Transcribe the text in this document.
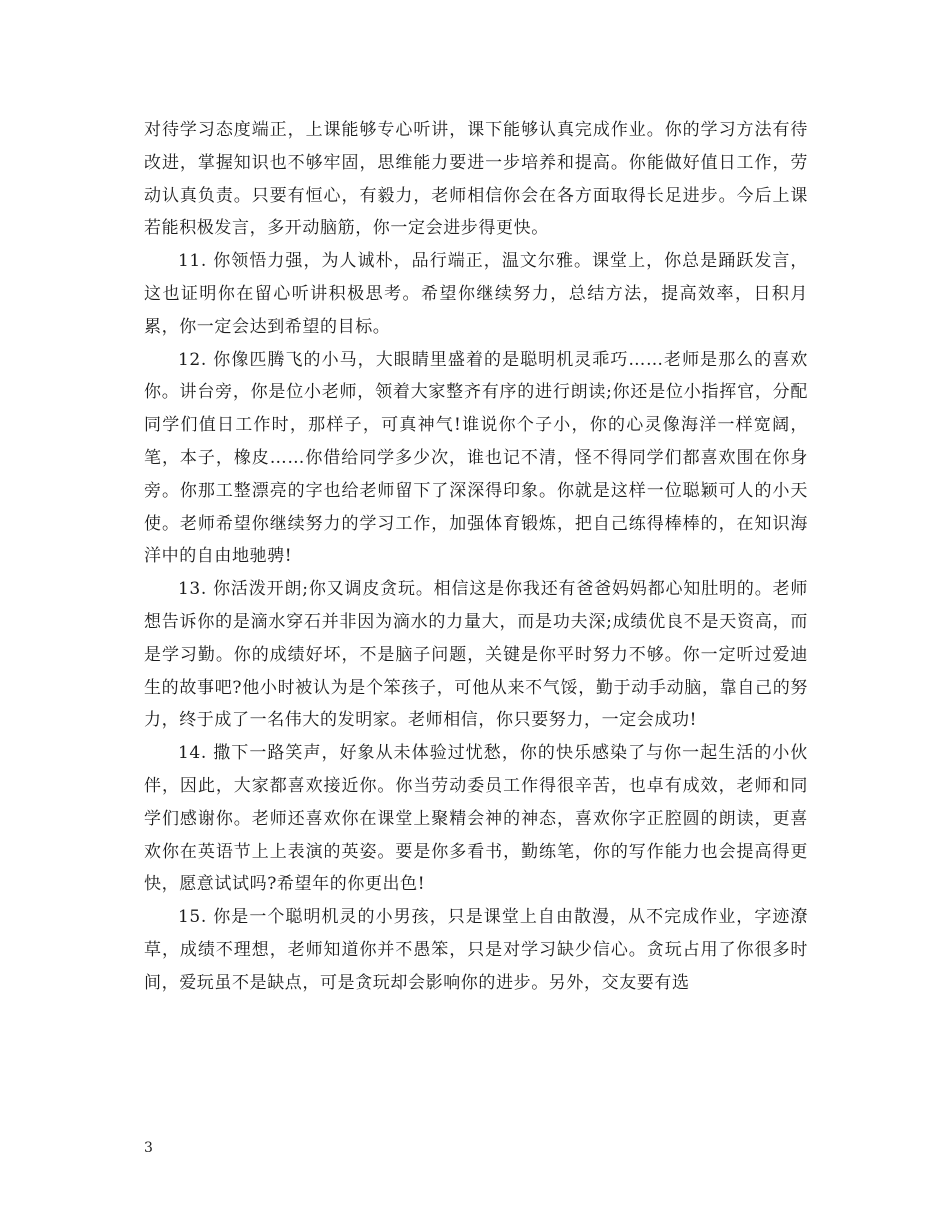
对待学习态度端正，上课能够专心听讲，课下能够认真完成作业。你的学习方法有待改进，掌握知识也不够牢固，思维能力要进一步培养和提高。你能做好值日工作，劳动认真负责。只要有恒心，有毅力，老师相信你会在各方面取得长足进步。今后上课若能积极发言，多开动脑筋，你一定会进步得更快。

11. 你领悟力强，为人诚朴，品行端正，温文尔雅。课堂上，你总是踊跃发言，这也证明你在留心听讲积极思考。希望你继续努力，总结方法，提高效率，日积月累，你一定会达到希望的目标。

12. 你像匹腾飞的小马，大眼睛里盛着的是聪明机灵乖巧……老师是那么的喜欢你。讲台旁，你是位小老师，领着大家整齐有序的进行朗读;你还是位小指挥官，分配同学们值日工作时，那样子，可真神气!谁说你个子小，你的心灵像海洋一样宽阔，笔，本子，橡皮……你借给同学多少次，谁也记不清，怪不得同学们都喜欢围在你身旁。你那工整漂亮的字也给老师留下了深深得印象。你就是这样一位聪颖可人的小天使。老师希望你继续努力的学习工作，加强体育锻炼，把自己练得棒棒的，在知识海洋中的自由地驰骋!

13. 你活泼开朗;你又调皮贪玩。相信这是你我还有爸爸妈妈都心知肚明的。老师想告诉你的是滴水穿石并非因为滴水的力量大，而是功夫深;成绩优良不是天资高，而是学习勤。你的成绩好坏，不是脑子问题，关键是你平时努力不够。你一定听过爱迪生的故事吧?他小时被认为是个笨孩子，可他从来不气馁，勤于动手动脑，靠自己的努力，终于成了一名伟大的发明家。老师相信，你只要努力，一定会成功!

14. 撒下一路笑声，好象从未体验过忧愁，你的快乐感染了与你一起生活的小伙伴，因此，大家都喜欢接近你。你当劳动委员工作得很辛苦，也卓有成效，老师和同学们感谢你。老师还喜欢你在课堂上聚精会神的神态，喜欢你字正腔圆的朗读，更喜欢你在英语节上上表演的英姿。要是你多看书，勤练笔，你的写作能力也会提高得更快，愿意试试吗?希望年的你更出色!

15. 你是一个聪明机灵的小男孩，只是课堂上自由散漫，从不完成作业，字迹潦草，成绩不理想，老师知道你并不愚笨，只是对学习缺少信心。贪玩占用了你很多时间，爱玩虽不是缺点，可是贪玩却会影响你的进步。另外，交友要有选

3
